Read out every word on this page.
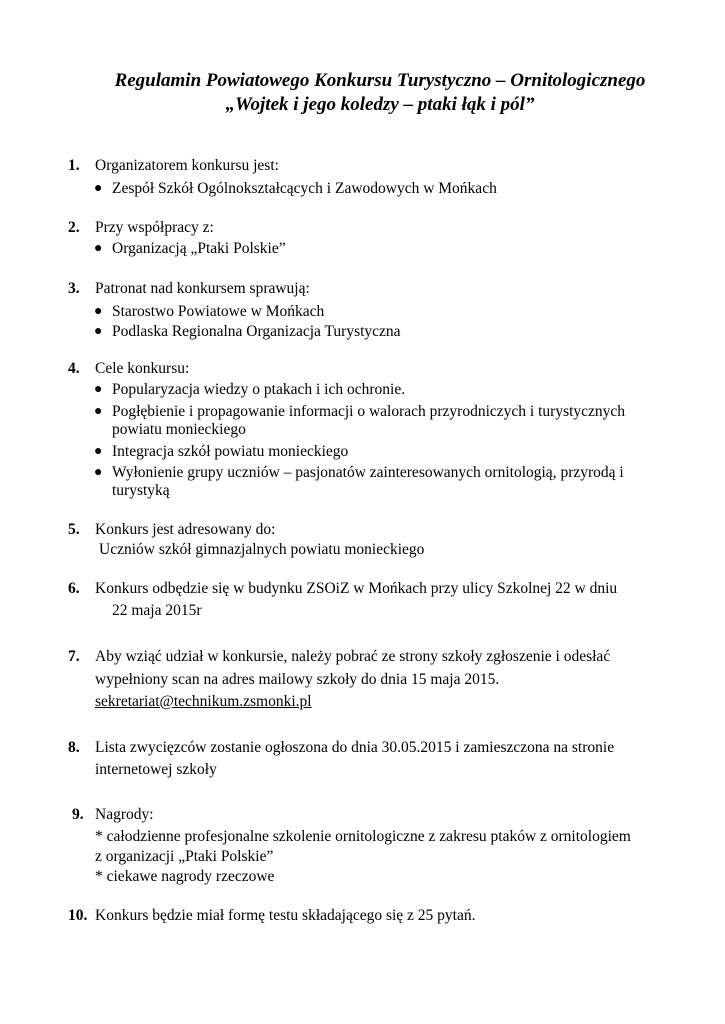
Regulamin Powiatowego Konkursu Turystyczno – Ornitologicznego
„Wojtek i jego koledzy – ptaki łąk i pól”
1. Organizatorem konkursu jest:
● Zespół Szkół Ogólnokształcących i Zawodowych w Mońkach
2. Przy współpracy z:
● Organizacją „Ptaki Polskie”
3. Patronat nad konkursem sprawują:
● Starostwo Powiatowe w Mońkach
● Podlaska Regionalna Organizacja Turystyczna
4. Cele konkursu:
● Popularyzacja wiedzy o ptakach i ich ochronie.
● Pogłębienie i propagowanie informacji o walorach przyrodniczych i turystycznych
powiatu monieckiego
● Integracja szkół powiatu monieckiego
● Wyłonienie grupy uczniów – pasjonatów zainteresowanych ornitologią, przyrodą i
turystyką
5. Konkurs jest adresowany do:
Uczniów szkół gimnazjalnych powiatu monieckiego
6. Konkurs odbędzie się w budynku ZSOiZ w Mońkach przy ulicy Szkolnej 22 w dniu
22 maja 2015r
7. Aby wziąć udział w konkursie, należy pobrać ze strony szkoły zgłoszenie i odesłać
wypełniony scan na adres mailowy szkoły do dnia 15 maja 2015.
sekretariat@technikum.zsmonki.pl
8. Lista zwycięzców zostanie ogłoszona do dnia 30.05.2015 i zamieszczona na stronie
internetowej szkoły
9. Nagrody:
* całodzienne profesjonalne szkolenie ornitologiczne z zakresu ptaków z ornitologiem
z organizacji „Ptaki Polskie”
* ciekawe nagrody rzeczowe
10. Konkurs będzie miał formę testu składającego się z 25 pytań.
